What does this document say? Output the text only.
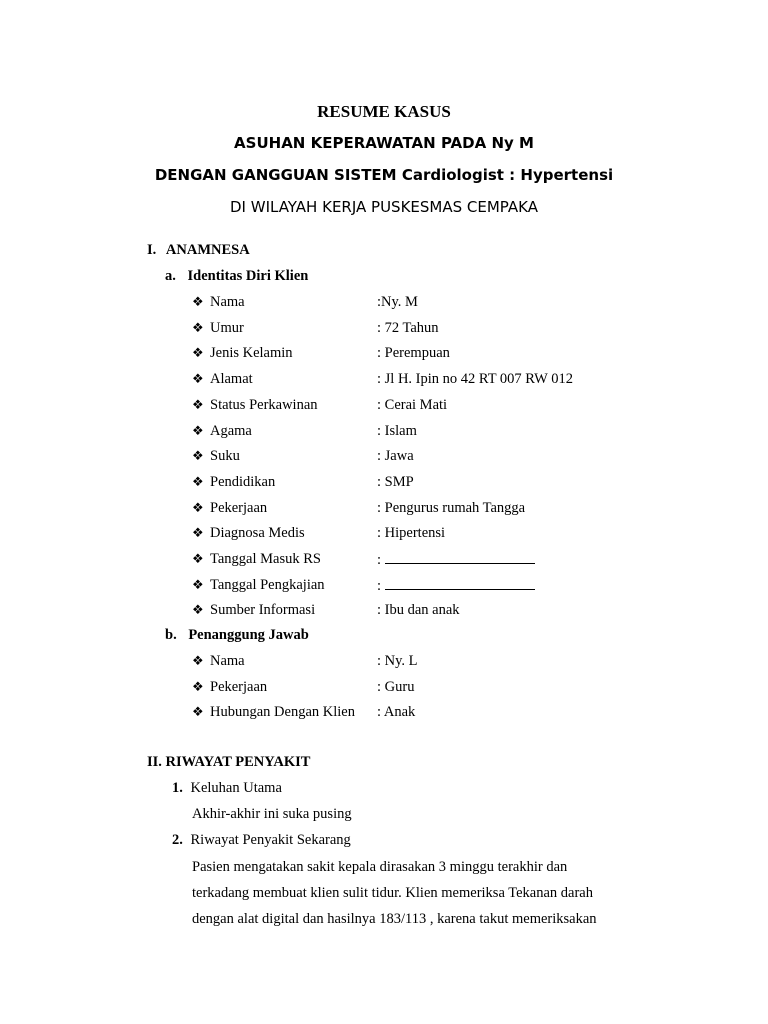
RESUME KASUS
ASUHAN KEPERAWATAN PADA Ny M
DENGAN GANGGUAN SISTEM Cardiologist : Hypertensi
DI WILAYAH KERJA PUSKESMAS CEMPAKA
I. ANAMNESA
a. Identitas Diri Klien
❖ Nama	:Ny. M
❖ Umur	: 72 Tahun
❖ Jenis Kelamin	: Perempuan
❖ Alamat	: Jl H. Ipin no 42 RT 007 RW 012
❖ Status Perkawinan	: Cerai Mati
❖ Agama	: Islam
❖ Suku	: Jawa
❖ Pendidikan	: SMP
❖ Pekerjaan	: Pengurus rumah Tangga
❖ Diagnosa Medis	: Hipertensi
❖ Tanggal Masuk RS	:
❖ Tanggal Pengkajian	:
❖ Sumber Informasi	: Ibu dan anak
b. Penanggung Jawab
❖ Nama	: Ny. L
❖ Pekerjaan	: Guru
❖ Hubungan Dengan Klien : Anak
II. RIWAYAT PENYAKIT
1. Keluhan Utama
Akhir-akhir ini suka pusing
2. Riwayat Penyakit Sekarang
Pasien mengatakan sakit kepala dirasakan 3 minggu terakhir dan
terkadang membuat klien sulit tidur. Klien memeriksa Tekanan darah
dengan alat digital dan hasilnya 183/113 , karena takut memeriksakan
